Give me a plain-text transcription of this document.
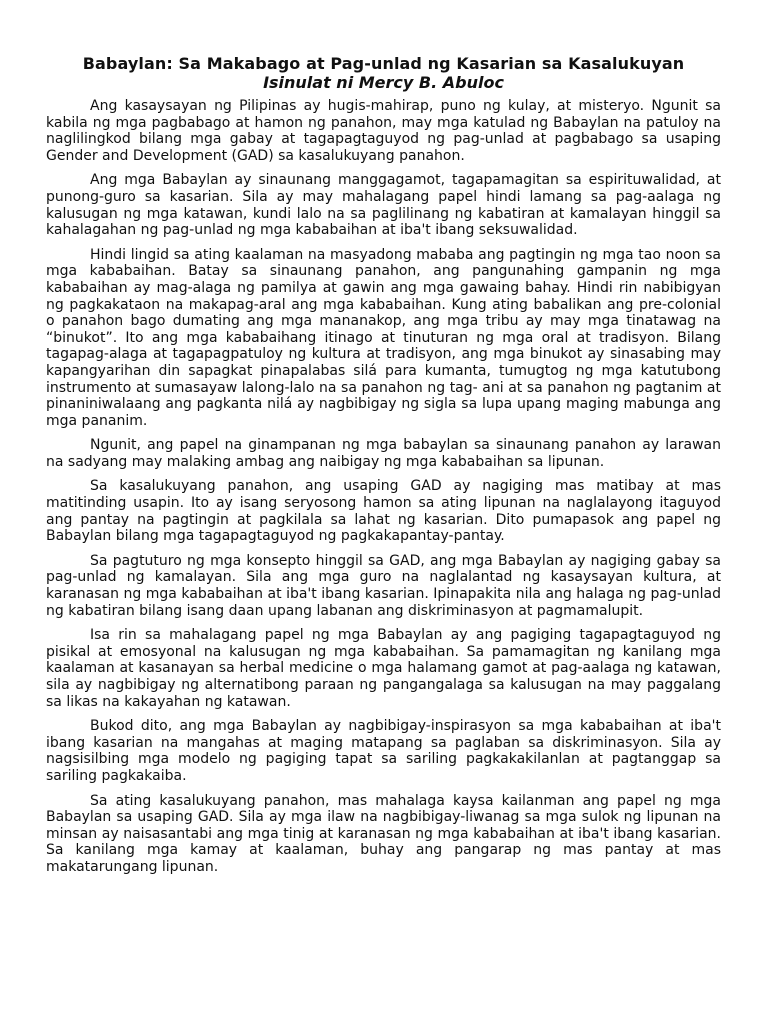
Babaylan: Sa Makabago at Pag-unlad ng Kasarian sa Kasalukuyan
Isinulat ni Mercy B. Abuloc

Ang kasaysayan ng Pilipinas ay hugis-mahirap, puno ng kulay, at misteryo. Ngunit sa kabila ng mga pagbabago at hamon ng panahon, may mga katulad ng Babaylan na patuloy na naglilingkod bilang mga gabay at tagapagtaguyod ng pag-unlad at pagbabago sa usaping Gender and Development (GAD) sa kasalukuyang panahon.

Ang mga Babaylan ay sinaunang manggagamot, tagapamagitan sa espirituwalidad, at punong-guro sa kasarian. Sila ay may mahalagang papel hindi lamang sa pag-aalaga ng kalusugan ng mga katawan, kundi lalo na sa paglilinang ng kabatiran at kamalayan hinggil sa kahalagahan ng pag-unlad ng mga kababaihan at iba't ibang seksuwalidad.

Hindi lingid sa ating kaalaman na masyadong mababa ang pagtingin ng mga tao noon sa mga kababaihan. Batay sa sinaunang panahon, ang pangunahing gampanin ng mga kababaihan ay mag-alaga ng pamilya at gawin ang mga gawaing bahay. Hindi rin nabibigyan ng pagkakataon na makapag-aral ang mga kababaihan. Kung ating babalikan ang pre-colonial o panahon bago dumating ang mga mananakop, ang mga tribu ay may mga tinatawag na “binukot”. Ito ang mga kababaihang itinago at tinuturan ng mga oral at tradisyon. Bilang tagapag-alaga at tagapagpatuloy ng kultura at tradisyon, ang mga binukot ay sinasabing may kapangyarihan din sapagkat pinapalabas silá para kumanta, tumugtog ng mga katutubong instrumento at sumasayaw lalong-lalo na sa panahon ng tag- ani at sa panahon ng pagtanim at pinaniniwalaang ang pagkanta nilá ay nagbibigay ng sigla sa lupa upang maging mabunga ang mga pananim.

Ngunit, ang papel na ginampanan ng mga babaylan sa sinaunang panahon ay larawan na sadyang may malaking ambag ang naibigay ng mga kababaihan sa lipunan.

Sa kasalukuyang panahon, ang usaping GAD ay nagiging mas matibay at mas matitinding usapin. Ito ay isang seryosong hamon sa ating lipunan na naglalayong itaguyod ang pantay na pagtingin at pagkilala sa lahat ng kasarian. Dito pumapasok ang papel ng Babaylan bilang mga tagapagtaguyod ng pagkakapantay-pantay.

Sa pagtuturo ng mga konsepto hinggil sa GAD, ang mga Babaylan ay nagiging gabay sa pag-unlad ng kamalayan. Sila ang mga guro na naglalantad ng kasaysayan kultura, at karanasan ng mga kababaihan at iba't ibang kasarian. Ipinapakita nila ang halaga ng pag-unlad ng kabatiran bilang isang daan upang labanan ang diskriminasyon at pagmamalupit.

Isa rin sa mahalagang papel ng mga Babaylan ay ang pagiging tagapagtaguyod ng pisikal at emosyonal na kalusugan ng mga kababaihan. Sa pamamagitan ng kanilang mga kaalaman at kasanayan sa herbal medicine o mga halamang gamot at pag-aalaga ng katawan, sila ay nagbibigay ng alternatibong paraan ng pangangalaga sa kalusugan na may paggalang sa likas na kakayahan ng katawan.

Bukod dito, ang mga Babaylan ay nagbibigay-inspirasyon sa mga kababaihan at iba't ibang kasarian na mangahas at maging matapang sa paglaban sa diskriminasyon. Sila ay nagsisilbing mga modelo ng pagiging tapat sa sariling pagkakakilanlan at pagtanggap sa sariling pagkakaiba.

Sa ating kasalukuyang panahon, mas mahalaga kaysa kailanman ang papel ng mga Babaylan sa usaping GAD. Sila ay mga ilaw na nagbibigay-liwanag sa mga sulok ng lipunan na minsan ay naisasantabi ang mga tinig at karanasan ng mga kababaihan at iba't ibang kasarian. Sa kanilang mga kamay at kaalaman, buhay ang pangarap ng mas pantay at mas makatarungang lipunan.
